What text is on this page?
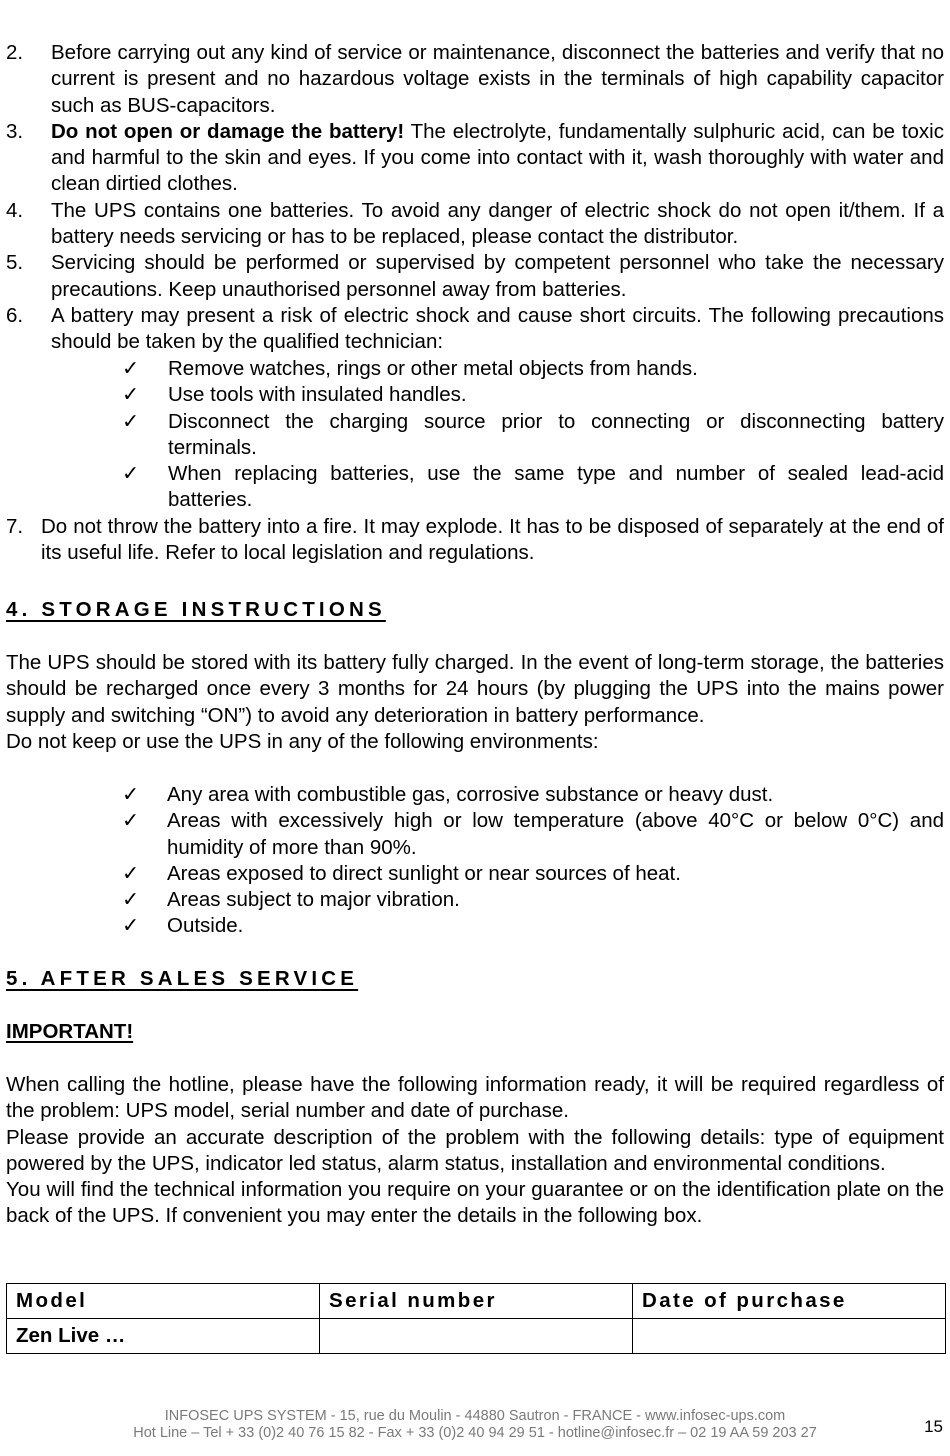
2. Before carrying out any kind of service or maintenance, disconnect the batteries and verify that no current is present and no hazardous voltage exists in the terminals of high capability capacitor such as BUS-capacitors.
3. Do not open or damage the battery! The electrolyte, fundamentally sulphuric acid, can be toxic and harmful to the skin and eyes. If you come into contact with it, wash thoroughly with water and clean dirtied clothes.
4. The UPS contains one batteries. To avoid any danger of electric shock do not open it/them. If a battery needs servicing or has to be replaced, please contact the distributor.
5. Servicing should be performed or supervised by competent personnel who take the necessary precautions. Keep unauthorised personnel away from batteries.
6. A battery may present a risk of electric shock and cause short circuits. The following precautions should be taken by the qualified technician:
✓ Remove watches, rings or other metal objects from hands.
✓ Use tools with insulated handles.
✓ Disconnect the charging source prior to connecting or disconnecting battery terminals.
✓ When replacing batteries, use the same type and number of sealed lead-acid batteries.
7. Do not throw the battery into a fire. It may explode. It has to be disposed of separately at the end of its useful life. Refer to local legislation and regulations.
4. STORAGE INSTRUCTIONS
The UPS should be stored with its battery fully charged. In the event of long-term storage, the batteries should be recharged once every 3 months for 24 hours (by plugging the UPS into the mains power supply and switching “ON”) to avoid any deterioration in battery performance.
Do not keep or use the UPS in any of the following environments:
✓ Any area with combustible gas, corrosive substance or heavy dust.
✓ Areas with excessively high or low temperature (above 40°C or below 0°C) and humidity of more than 90%.
✓ Areas exposed to direct sunlight or near sources of heat.
✓ Areas subject to major vibration.
✓ Outside.
5. AFTER SALES SERVICE
IMPORTANT!
When calling the hotline, please have the following information ready, it will be required regardless of the problem: UPS model, serial number and date of purchase.
Please provide an accurate description of the problem with the following details: type of equipment powered by the UPS, indicator led status, alarm status, installation and environmental conditions.
You will find the technical information you require on your guarantee or on the identification plate on the back of the UPS. If convenient you may enter the details in the following box.
Model	Serial number	Date of purchase
Zen Live …		
INFOSEC UPS SYSTEM - 15, rue du Moulin - 44880 Sautron - FRANCE - www.infosec-ups.com
Hot Line – Tel + 33 (0)2 40 76 15 82 - Fax + 33 (0)2 40 94 29 51 - hotline@infosec.fr – 02 19 AA 59 203 27	15
